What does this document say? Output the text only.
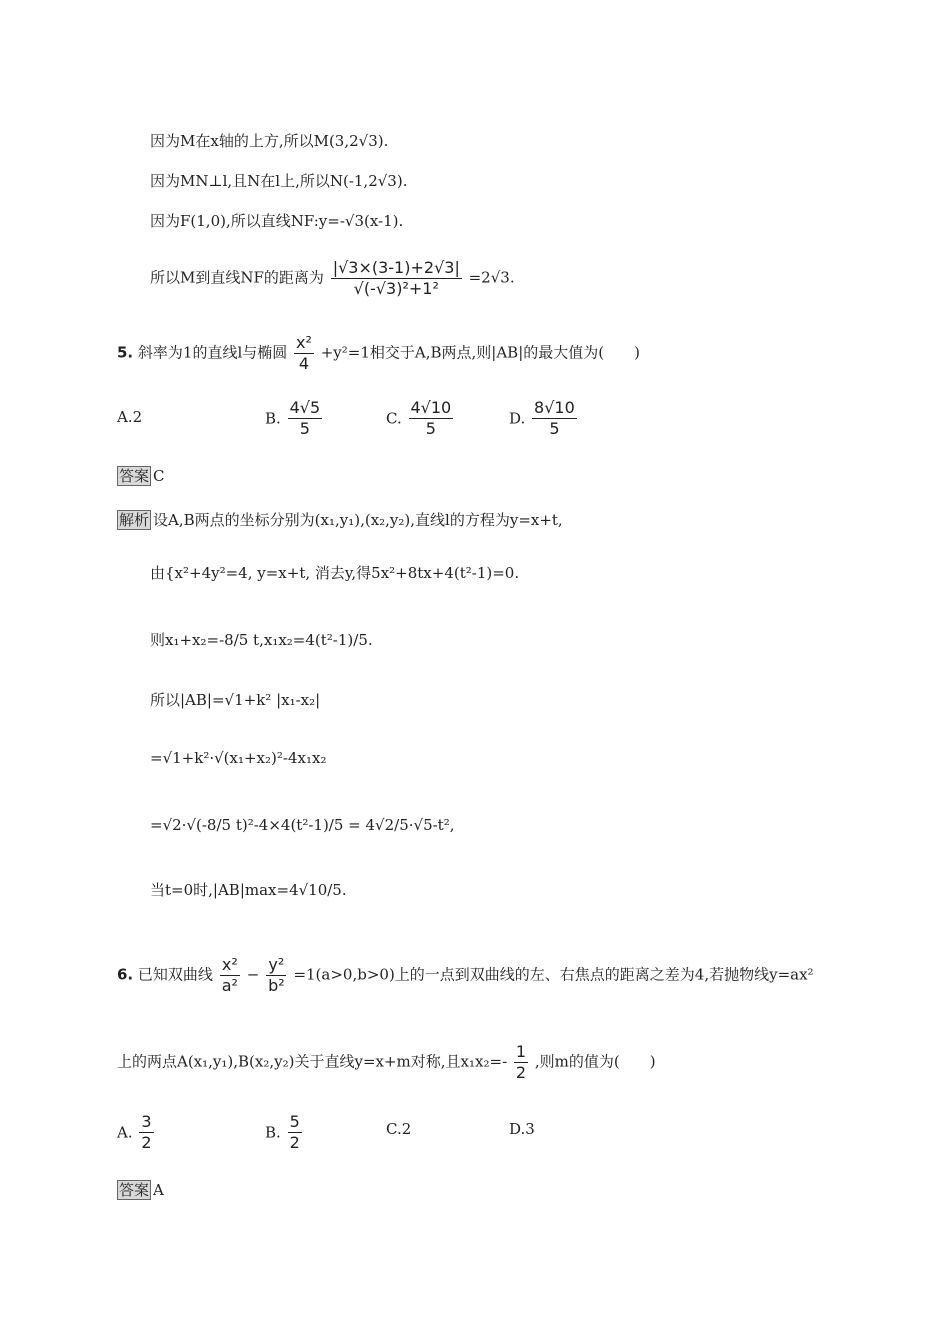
因为M在x轴的上方,所以M(3,2√3).
因为MN⊥l,且N在l上,所以N(-1,2√3).
因为F(1,0),所以直线NF:y=-√3(x-1).
所以M到直线NF的距离为 $\frac{|√3\times(3-1)+2√3|}{\text{√(-√3)²+1²}} =2√3$.
5. 斜率为1的直线l与椭圆 $\frac{\text{x²}}{4} +y^2=1$相交于A,B两点,则|AB|的最大值为(　　)
A.2	B. $\frac{4√5}{5}$	C. $\frac{4√10}{5}$	D. $\frac{8√10}{5}$
答案 C
解析 设A,B两点的坐标分别为(x₁,y₁),(x₂,y₂),直线l的方程为y=x+t,
由{x²+4y²=4, y=x+t, 消去y,得5x²+8tx+4(t²-1)=0.
则x₁+x₂=-8/5 t,x₁x₂=4(t²-1)/5.
所以|AB|=√1+k² |x₁-x₂|
=√1+k²·√(x₁+x₂)²-4x₁x₂
=√2·√(-8/5 t)²-4×4(t²-1)/5 = 4√2/5·√5-t²,
当t=0时,|AB|max=4√10/5.
6. 已知双曲线 $\frac{\text{x²}}{\text{a²}} - \frac{\text{y²}}{\text{b²}} =1(a>0,b>0)$上的一点到双曲线的左、右焦点的距离之差为4,若抛物线y=ax²
上的两点A(x₁,y₁),B(x₂,y₂)关于直线y=x+m对称,且$x_1x_2=- \frac{1}{2}$ ,则m的值为(　　)
A. $\frac{3}{2}$	B. $\frac{5}{2}$	C.2	D.3
答案 A
